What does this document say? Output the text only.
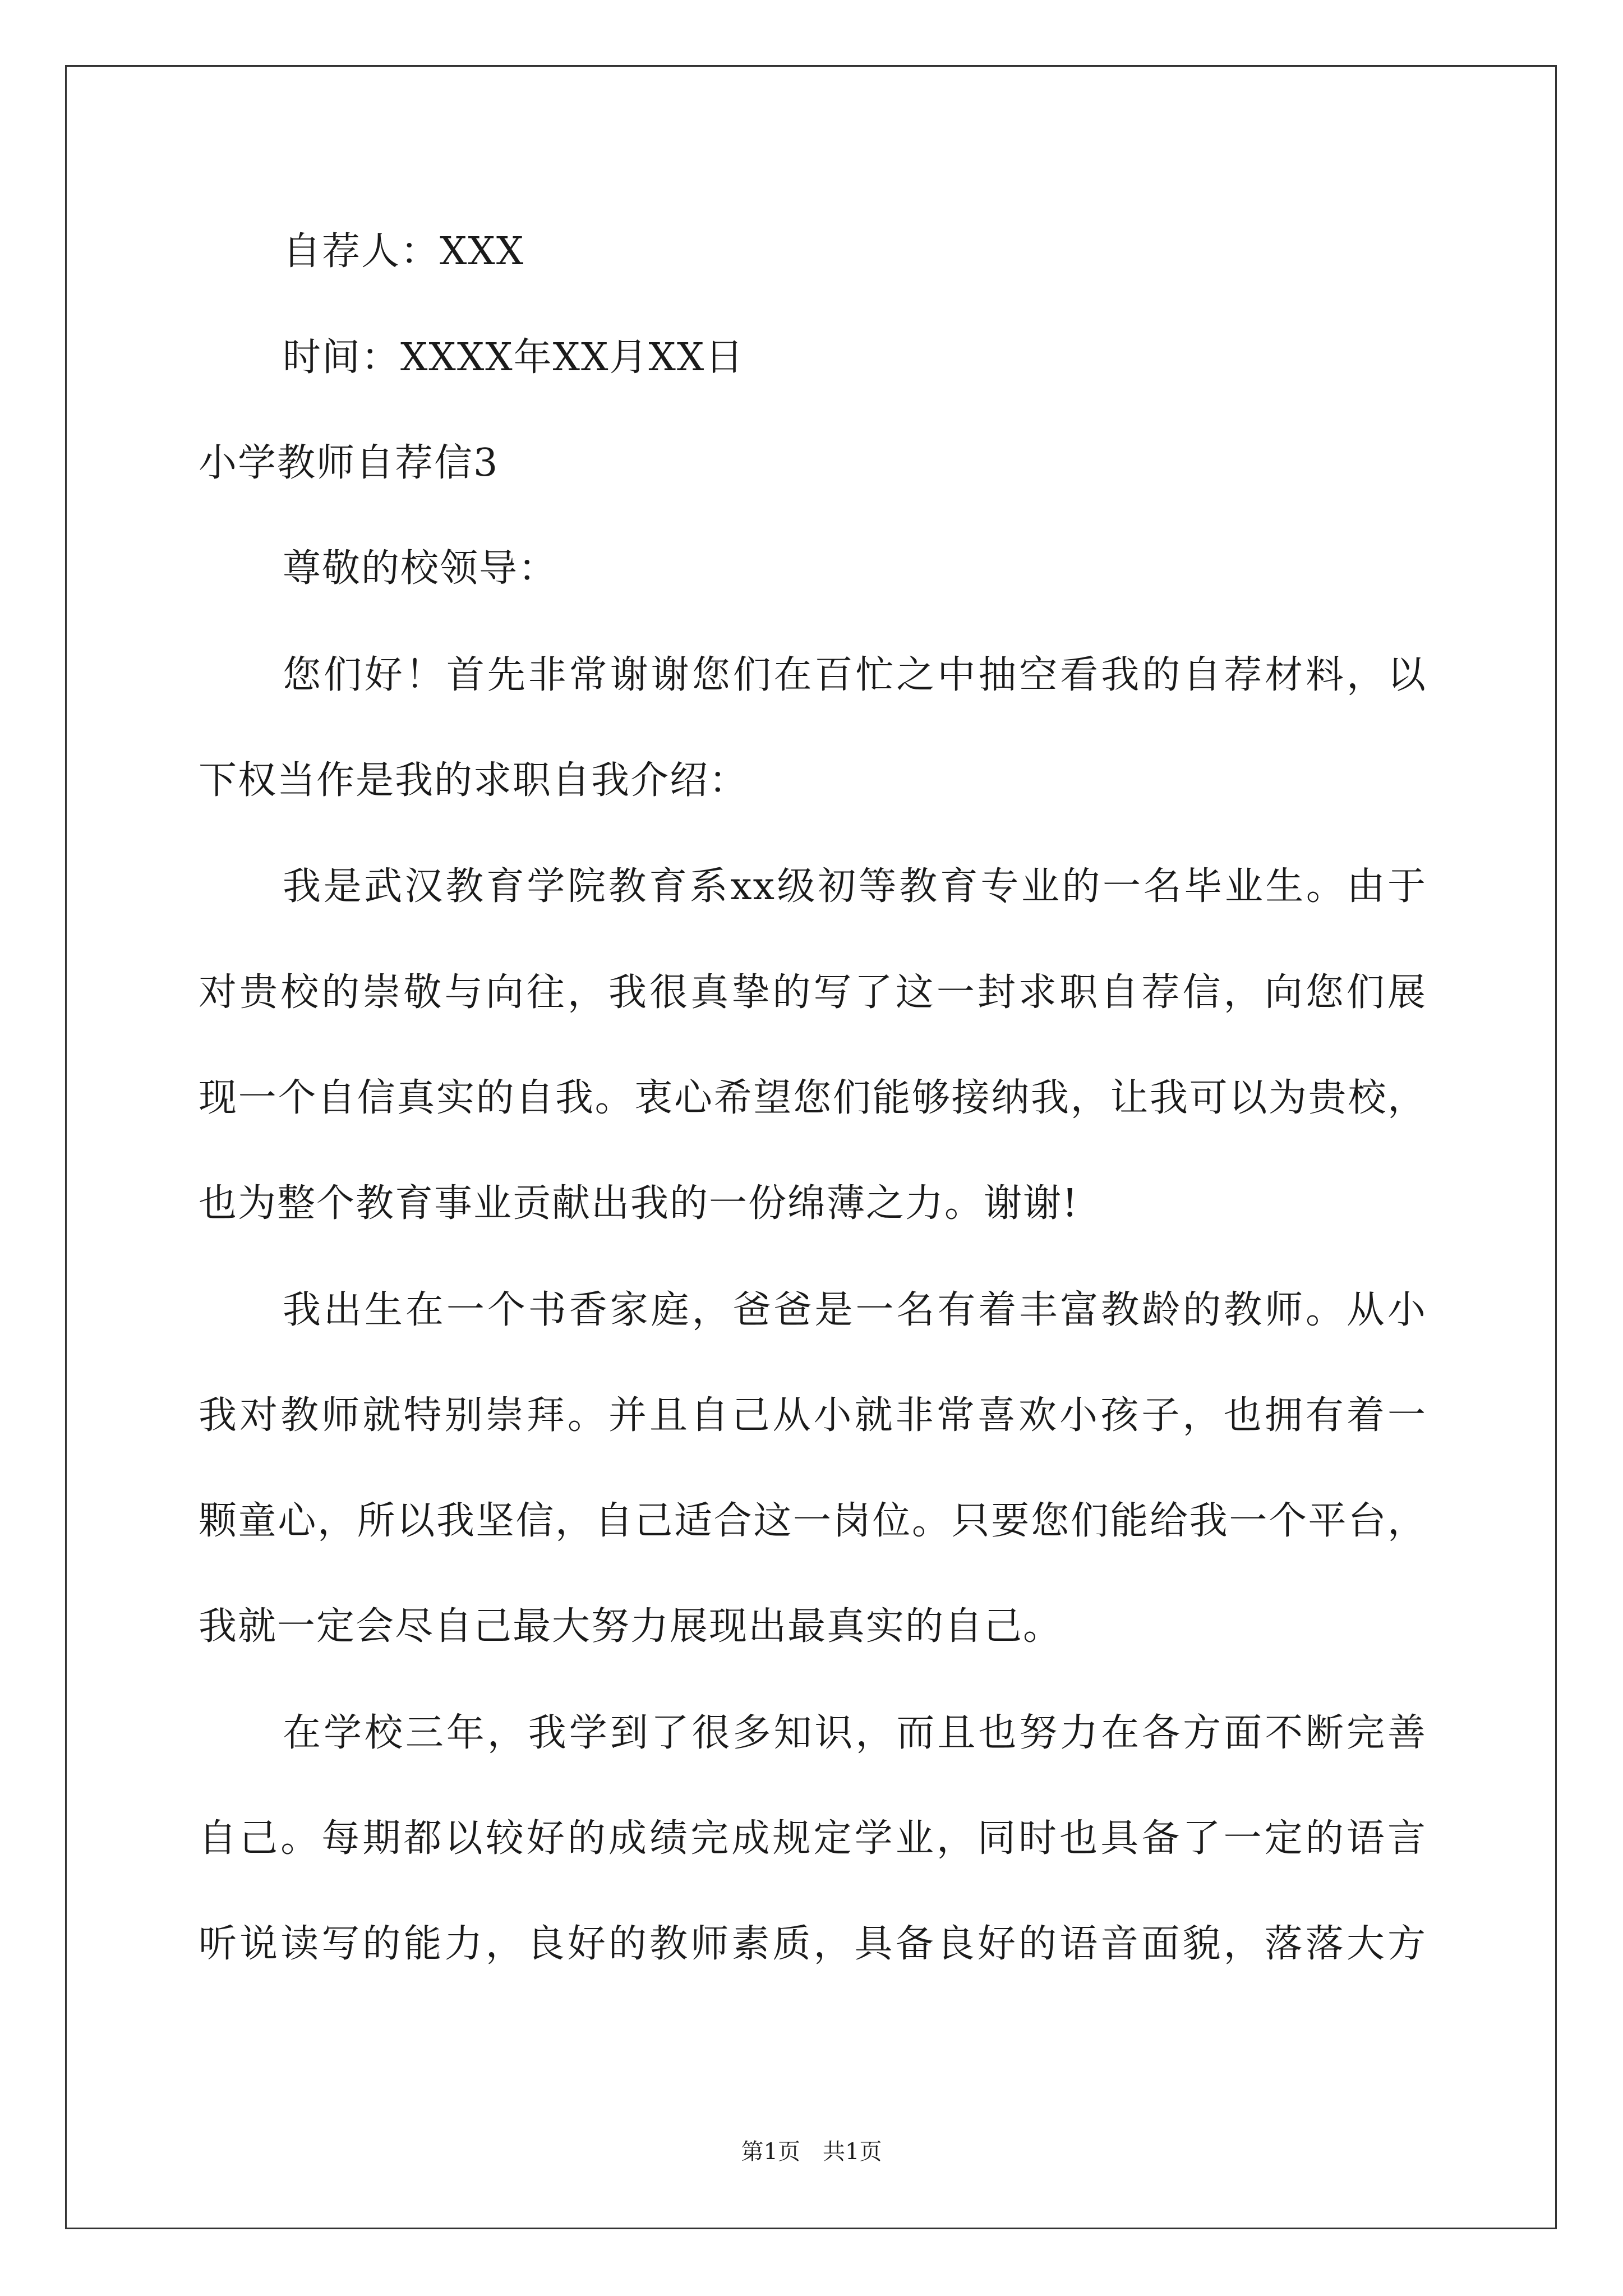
自荐人：XXX
时间：XXXX年XX月XX日
小学教师自荐信3
尊敬的校领导：
您们好！首先非常谢谢您们在百忙之中抽空看我的自荐材料，以
下权当作是我的求职自我介绍：
我是武汉教育学院教育系xx级初等教育专业的一名毕业生。由于
对贵校的崇敬与向往，我很真挚的写了这一封求职自荐信，向您们展
现一个自信真实的自我。衷心希望您们能够接纳我，让我可以为贵校，
也为整个教育事业贡献出我的一份绵薄之力。谢谢!
我出生在一个书香家庭，爸爸是一名有着丰富教龄的教师。从小
我对教师就特别崇拜。并且自己从小就非常喜欢小孩子，也拥有着一
颗童心，所以我坚信，自己适合这一岗位。只要您们能给我一个平台，
我就一定会尽自己最大努力展现出最真实的自己。
在学校三年，我学到了很多知识，而且也努力在各方面不断完善
自己。每期都以较好的成绩完成规定学业，同时也具备了一定的语言
听说读写的能力，良好的教师素质，具备良好的语音面貌，落落大方
第1页　共1页
